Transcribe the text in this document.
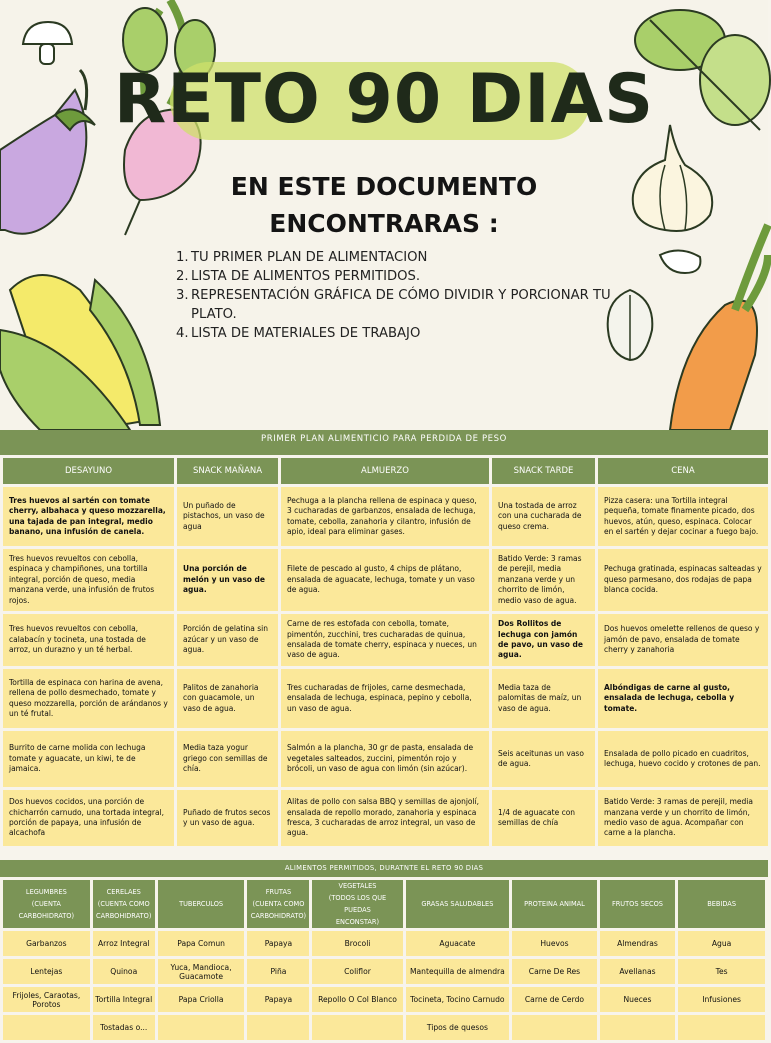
RETO 90 DIAS
EN ESTE DOCUMENTO
ENCONTRARAS :
1. TU PRIMER PLAN DE ALIMENTACION
2. LISTA DE ALIMENTOS PERMITIDOS.
3. REPRESENTACIÓN GRÁFICA DE CÓMO DIVIDIR Y PORCIONAR TU PLATO.
4. LISTA DE MATERIALES DE TRABAJO
PRIMER PLAN ALIMENTICIO PARA PERDIDA DE PESO
DESAYUNO	SNACK MAÑANA	ALMUERZO	SNACK TARDE	CENA
Tres huevos al sartén con tomate cherry, albahaca y queso mozzarella, una tajada de pan integral, medio banano, una infusión de canela.	Un puñado de pistachos, un vaso de agua	Pechuga a la plancha rellena de espinaca y queso, 3 cucharadas de garbanzos, ensalada de lechuga, tomate, cebolla, zanahoria y cilantro, infusión de apio, ideal para eliminar gases.	Una tostada de arroz con una cucharada de queso crema.	Pizza casera: una Tortilla integral pequeña, tomate finamente picado, dos huevos, atún, queso, espinaca. Colocar en el sartén y dejar cocinar a fuego bajo.
Tres huevos revueltos con cebolla, espinaca y champiñones, una tortilla integral, porción de queso, media manzana verde, una infusión de frutos rojos.	Una porción de melón y un vaso de agua.	Filete de pescado al gusto, 4 chips de plátano, ensalada de aguacate, lechuga, tomate y un vaso de agua.	Batido Verde: 3 ramas de perejil, media manzana verde y un chorrito de limón, medio vaso de agua.	Pechuga gratinada, espinacas salteadas y queso parmesano, dos rodajas de papa blanca cocida.
Tres huevos revueltos con cebolla, calabacín y tocineta, una tostada de arroz, un durazno y un té herbal.	Porción de gelatina sin azúcar y un vaso de agua.	Carne de res estofada con cebolla, tomate, pimentón, zucchini, tres cucharadas de quinua, ensalada de tomate cherry, espinaca y nueces, un vaso de agua.	Dos Rollitos de lechuga con jamón de pavo, un vaso de agua.	Dos huevos omelette rellenos de queso y jamón de pavo, ensalada de tomate cherry y zanahoria
Tortilla de espinaca con harina de avena, rellena de pollo desmechado, tomate y queso mozzarella, porción de arándanos y un té frutal.	Palitos de zanahoria con guacamole, un vaso de agua.	Tres cucharadas de frijoles, carne desmechada, ensalada de lechuga, espinaca, pepino y cebolla, un vaso de agua.	Media taza de palomitas de maíz, un vaso de agua.	Albóndigas de carne al gusto, ensalada de lechuga, cebolla y tomate.
Burrito de carne molida con lechuga tomate y aguacate, un kiwi, te de jamaica.	Media taza yogur griego con semillas de chía.	Salmón a la plancha, 30 gr de pasta, ensalada de vegetales salteados, zuccini, pimentón rojo y brócoli, un vaso de agua con limón (sin azúcar).	Seis aceitunas un vaso de agua.	Ensalada de pollo picado en cuadritos, lechuga, huevo cocido y crotones de pan.
Dos huevos cocidos, una porción de chicharrón carnudo, una tortada integral, porción de papaya, una infusión de alcachofa	Puñado de frutos secos y un vaso de agua.	Alitas de pollo con salsa BBQ y semillas de ajonjolí, ensalada de repollo morado, zanahoria y espinaca fresca, 3 cucharadas de arroz integral, un vaso de agua.	1/4 de aguacate con semillas de chía	Batido Verde: 3 ramas de perejil, media manzana verde y un chorrito de limón, medio vaso de agua. Acompañar con carne a la plancha.
ALIMENTOS PERMITIDOS, DURATNTE EL RETO 90 DIAS
LEGUMBRES
(CUENTA CARBOHIDRATO)	CERELAES
(CUENTA COMO
CARBOHIDRATO)	TUBERCULOS	FRUTAS
(CUENTA COMO
CARBOHIDRATO)	VEGETALES
(TODOS LOS QUE PUEDAS
ENCONSTAR)	GRASAS SALUDABLES	PROTEINA ANIMAL	FRUTOS SECOS	BEBIDAS
Garbanzos	Arroz Integral	Papa Comun	Papaya	Brocoli	Aguacate	Huevos	Almendras	Agua
Lentejas	Quinoa	Yuca, Mandioca, Guacamote	Piña	Coliflor	Mantequilla de almendra	Carne De Res	Avellanas	Tes
Frijoles, Caraotas, Porotos	Tortilla Integral	Papa Criolla	Papaya	Repollo O Col Blanco	Tocineta, Tocino Carnudo	Carne de Cerdo	Nueces	Infusiones
	Tostadas o...				Tipos de quesos			
